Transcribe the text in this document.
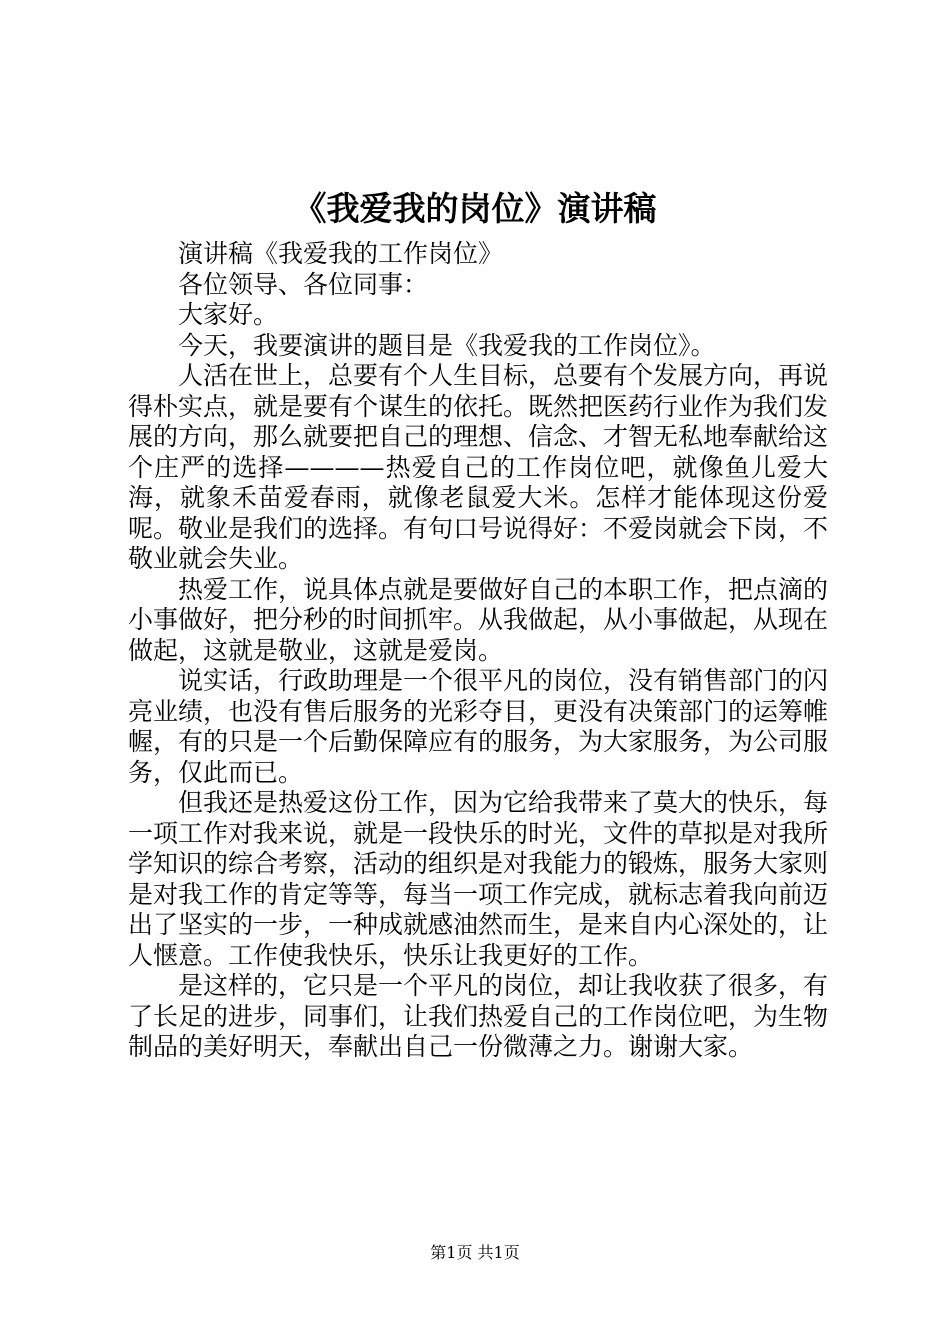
《我爱我的岗位》演讲稿

演讲稿《我爱我的工作岗位》

各位领导、各位同事：

大家好。

今天，我要演讲的题目是《我爱我的工作岗位》。

人活在世上，总要有个人生目标，总要有个发展方向，再说得朴实点，就是要有个谋生的依托。既然把医药行业作为我们发展的方向，那么就要把自己的理想、信念、才智无私地奉献给这个庄严的选择————热爱自己的工作岗位吧，就像鱼儿爱大海，就象禾苗爱春雨，就像老鼠爱大米。怎样才能体现这份爱呢。敬业是我们的选择。有句口号说得好：不爱岗就会下岗，不敬业就会失业。

热爱工作，说具体点就是要做好自己的本职工作，把点滴的小事做好，把分秒的时间抓牢。从我做起，从小事做起，从现在做起，这就是敬业，这就是爱岗。

说实话，行政助理是一个很平凡的岗位，没有销售部门的闪亮业绩，也没有售后服务的光彩夺目，更没有决策部门的运筹帷幄，有的只是一个后勤保障应有的服务，为大家服务，为公司服务，仅此而已。

但我还是热爱这份工作，因为它给我带来了莫大的快乐，每一项工作对我来说，就是一段快乐的时光，文件的草拟是对我所学知识的综合考察，活动的组织是对我能力的锻炼，服务大家则是对我工作的肯定等等，每当一项工作完成，就标志着我向前迈出了坚实的一步，一种成就感油然而生，是来自内心深处的，让人惬意。工作使我快乐，快乐让我更好的工作。

是这样的，它只是一个平凡的岗位，却让我收获了很多，有了长足的进步，同事们，让我们热爱自己的工作岗位吧，为生物制品的美好明天，奉献出自己一份微薄之力。谢谢大家。

第1页 共1页
